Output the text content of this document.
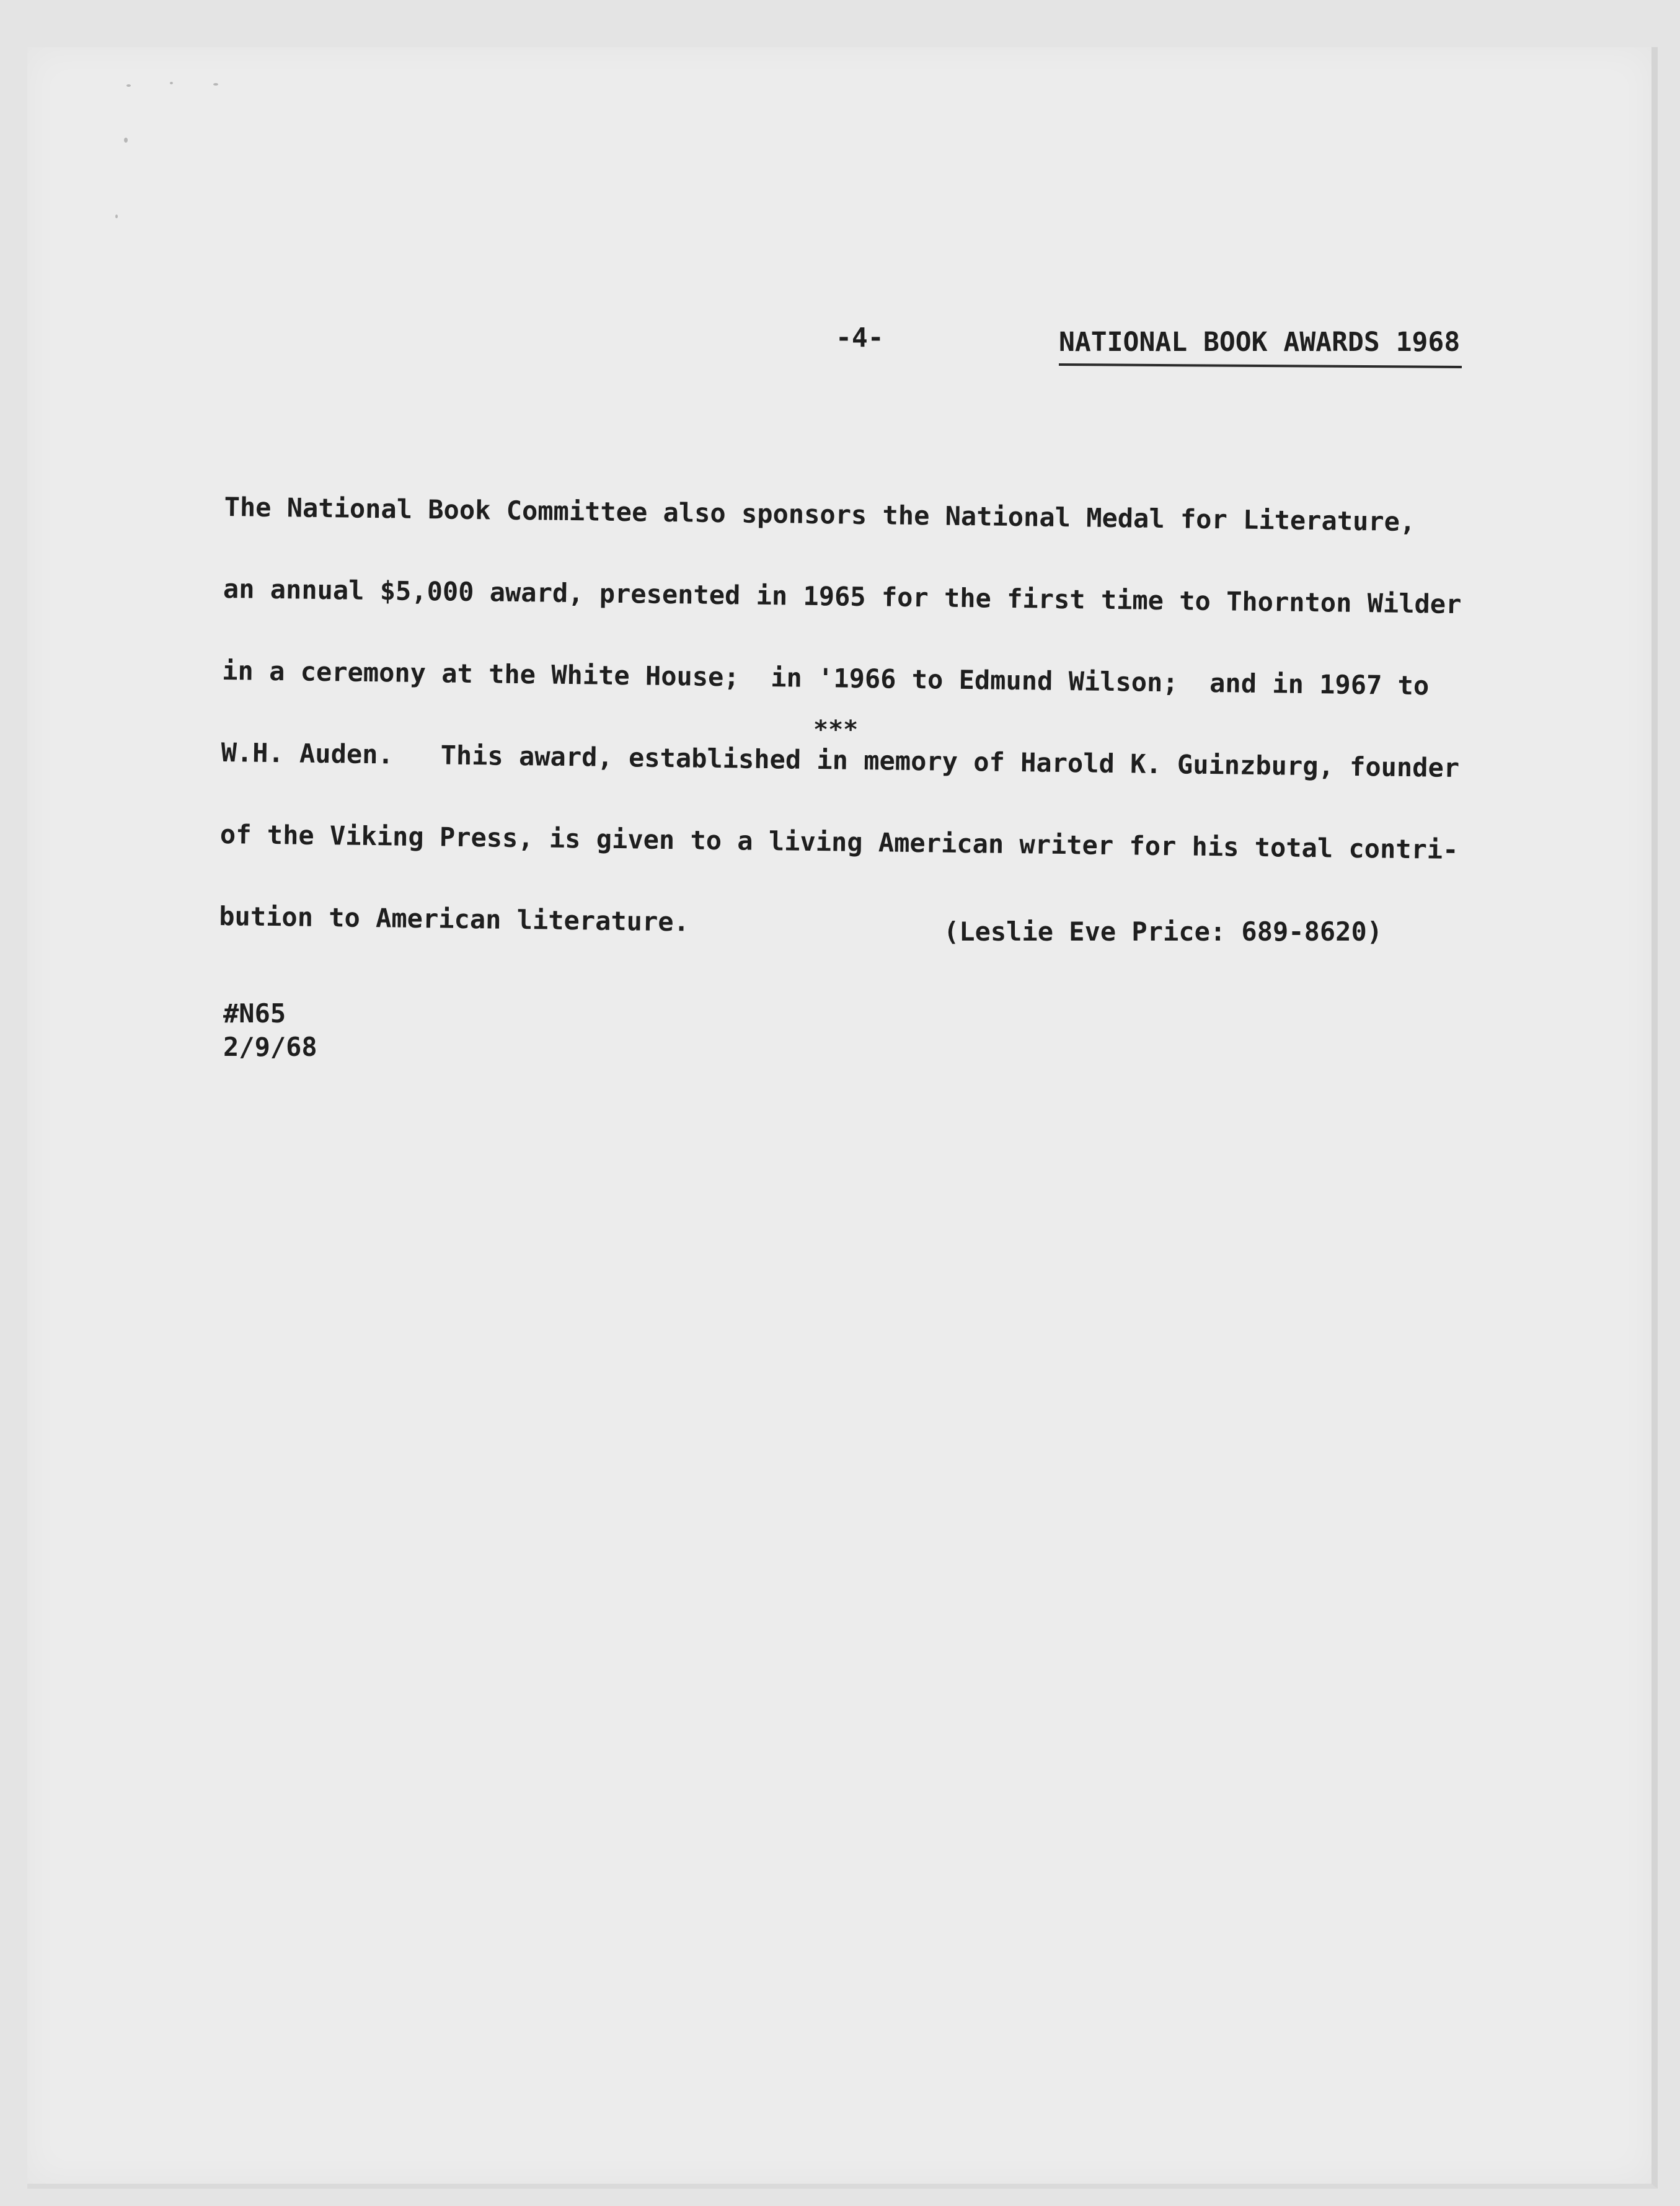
-4-	NATIONAL BOOK AWARDS 1968

The National Book Committee also sponsors the National Medal for Literature,

an annual $5,000 award, presented in 1965 for the first time to Thornton Wilder

in a ceremony at the White House;  in '1966 to Edmund Wilson;  and in 1967 to

W.H. Auden.   This award, established in memory of Harold K. Guinzburg, founder

of the Viking Press, is given to a living American writer for his total contri-

bution to American literature.

***
(Leslie Eve Price: 689-8620)
#N65
2/9/68
